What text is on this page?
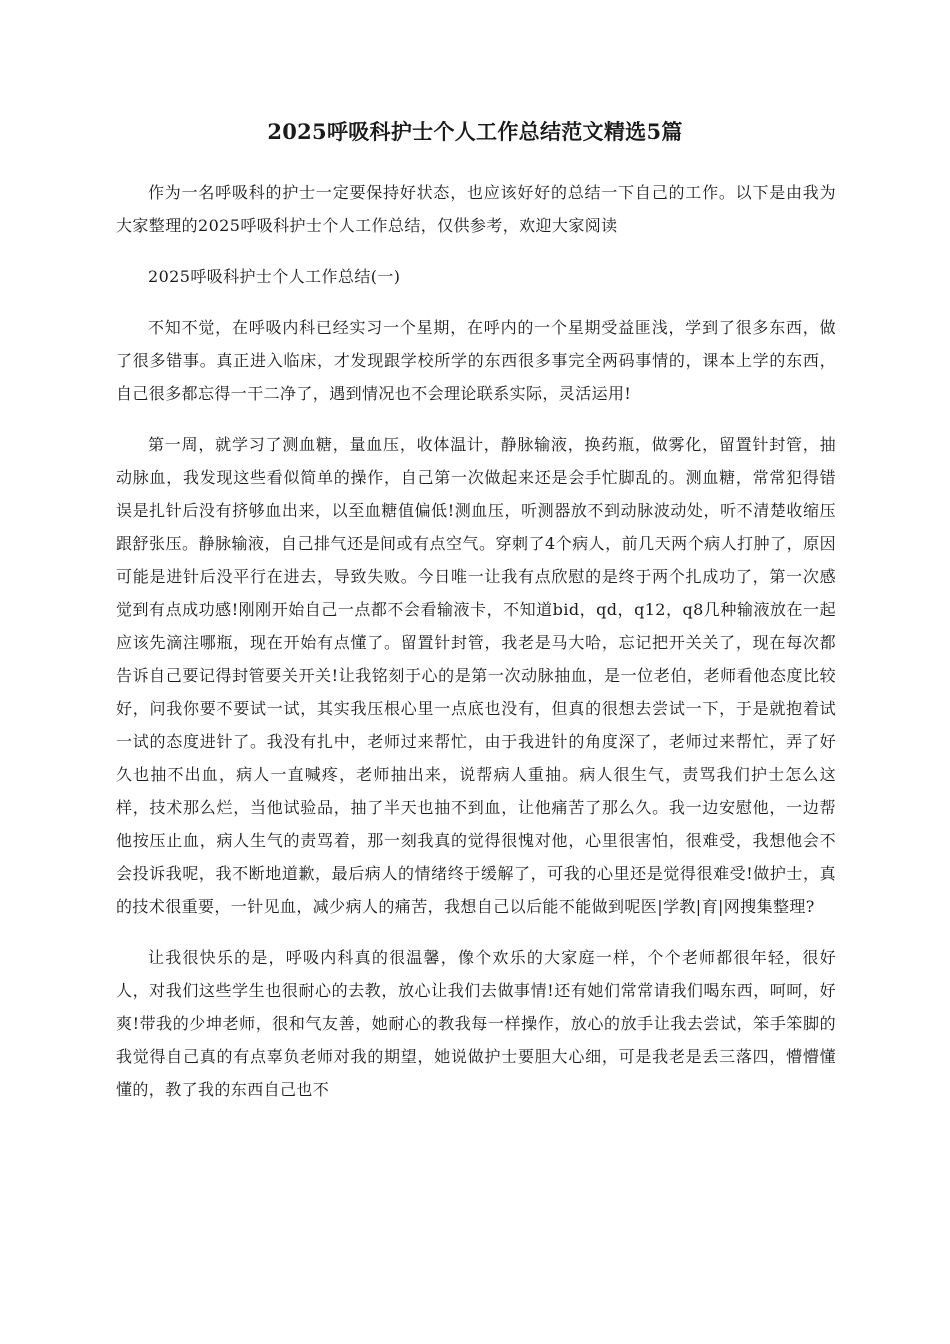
2025呼吸科护士个人工作总结范文精选5篇

作为一名呼吸科的护士一定要保持好状态，也应该好好的总结一下自己的工作。以下是由我为大家整理的2025呼吸科护士个人工作总结，仅供参考，欢迎大家阅读

2025呼吸科护士个人工作总结(一)

不知不觉，在呼吸内科已经实习一个星期，在呼内的一个星期受益匪浅，学到了很多东西，做了很多错事。真正进入临床，才发现跟学校所学的东西很多事完全两码事情的，课本上学的东西，自己很多都忘得一干二净了，遇到情况也不会理论联系实际，灵活运用!

第一周，就学习了测血糖，量血压，收体温计，静脉输液，换药瓶，做雾化，留置针封管，抽动脉血，我发现这些看似简单的操作，自己第一次做起来还是会手忙脚乱的。测血糖，常常犯得错误是扎针后没有挤够血出来，以至血糖值偏低!测血压，听测器放不到动脉波动处，听不清楚收缩压跟舒张压。静脉输液，自己排气还是间或有点空气。穿刺了4个病人，前几天两个病人打肿了，原因可能是进针后没平行在进去，导致失败。今日唯一让我有点欣慰的是终于两个扎成功了，第一次感觉到有点成功感!刚刚开始自己一点都不会看输液卡，不知道bid，qd，q12，q8几种输液放在一起应该先滴注哪瓶，现在开始有点懂了。留置针封管，我老是马大哈，忘记把开关关了，现在每次都告诉自己要记得封管要关开关!让我铭刻于心的是第一次动脉抽血，是一位老伯，老师看他态度比较好，问我你要不要试一试，其实我压根心里一点底也没有，但真的很想去尝试一下，于是就抱着试一试的态度进针了。我没有扎中，老师过来帮忙，由于我进针的角度深了，老师过来帮忙，弄了好久也抽不出血，病人一直喊疼，老师抽出来，说帮病人重抽。病人很生气，责骂我们护士怎么这样，技术那么烂，当他试验品，抽了半天也抽不到血，让他痛苦了那么久。我一边安慰他，一边帮他按压止血，病人生气的责骂着，那一刻我真的觉得很愧对他，心里很害怕，很难受，我想他会不会投诉我呢，我不断地道歉，最后病人的情绪终于缓解了，可我的心里还是觉得很难受!做护士，真的技术很重要，一针见血，减少病人的痛苦，我想自己以后能不能做到呢医|学教|育|网搜集整理?

让我很快乐的是，呼吸内科真的很温馨，像个欢乐的大家庭一样，个个老师都很年轻，很好人，对我们这些学生也很耐心的去教，放心让我们去做事情!还有她们常常请我们喝东西，呵呵，好爽!带我的少坤老师，很和气友善，她耐心的教我每一样操作，放心的放手让我去尝试，笨手笨脚的我觉得自己真的有点辜负老师对我的期望，她说做护士要胆大心细，可是我老是丢三落四，懵懵懂懂的，教了我的东西自己也不
